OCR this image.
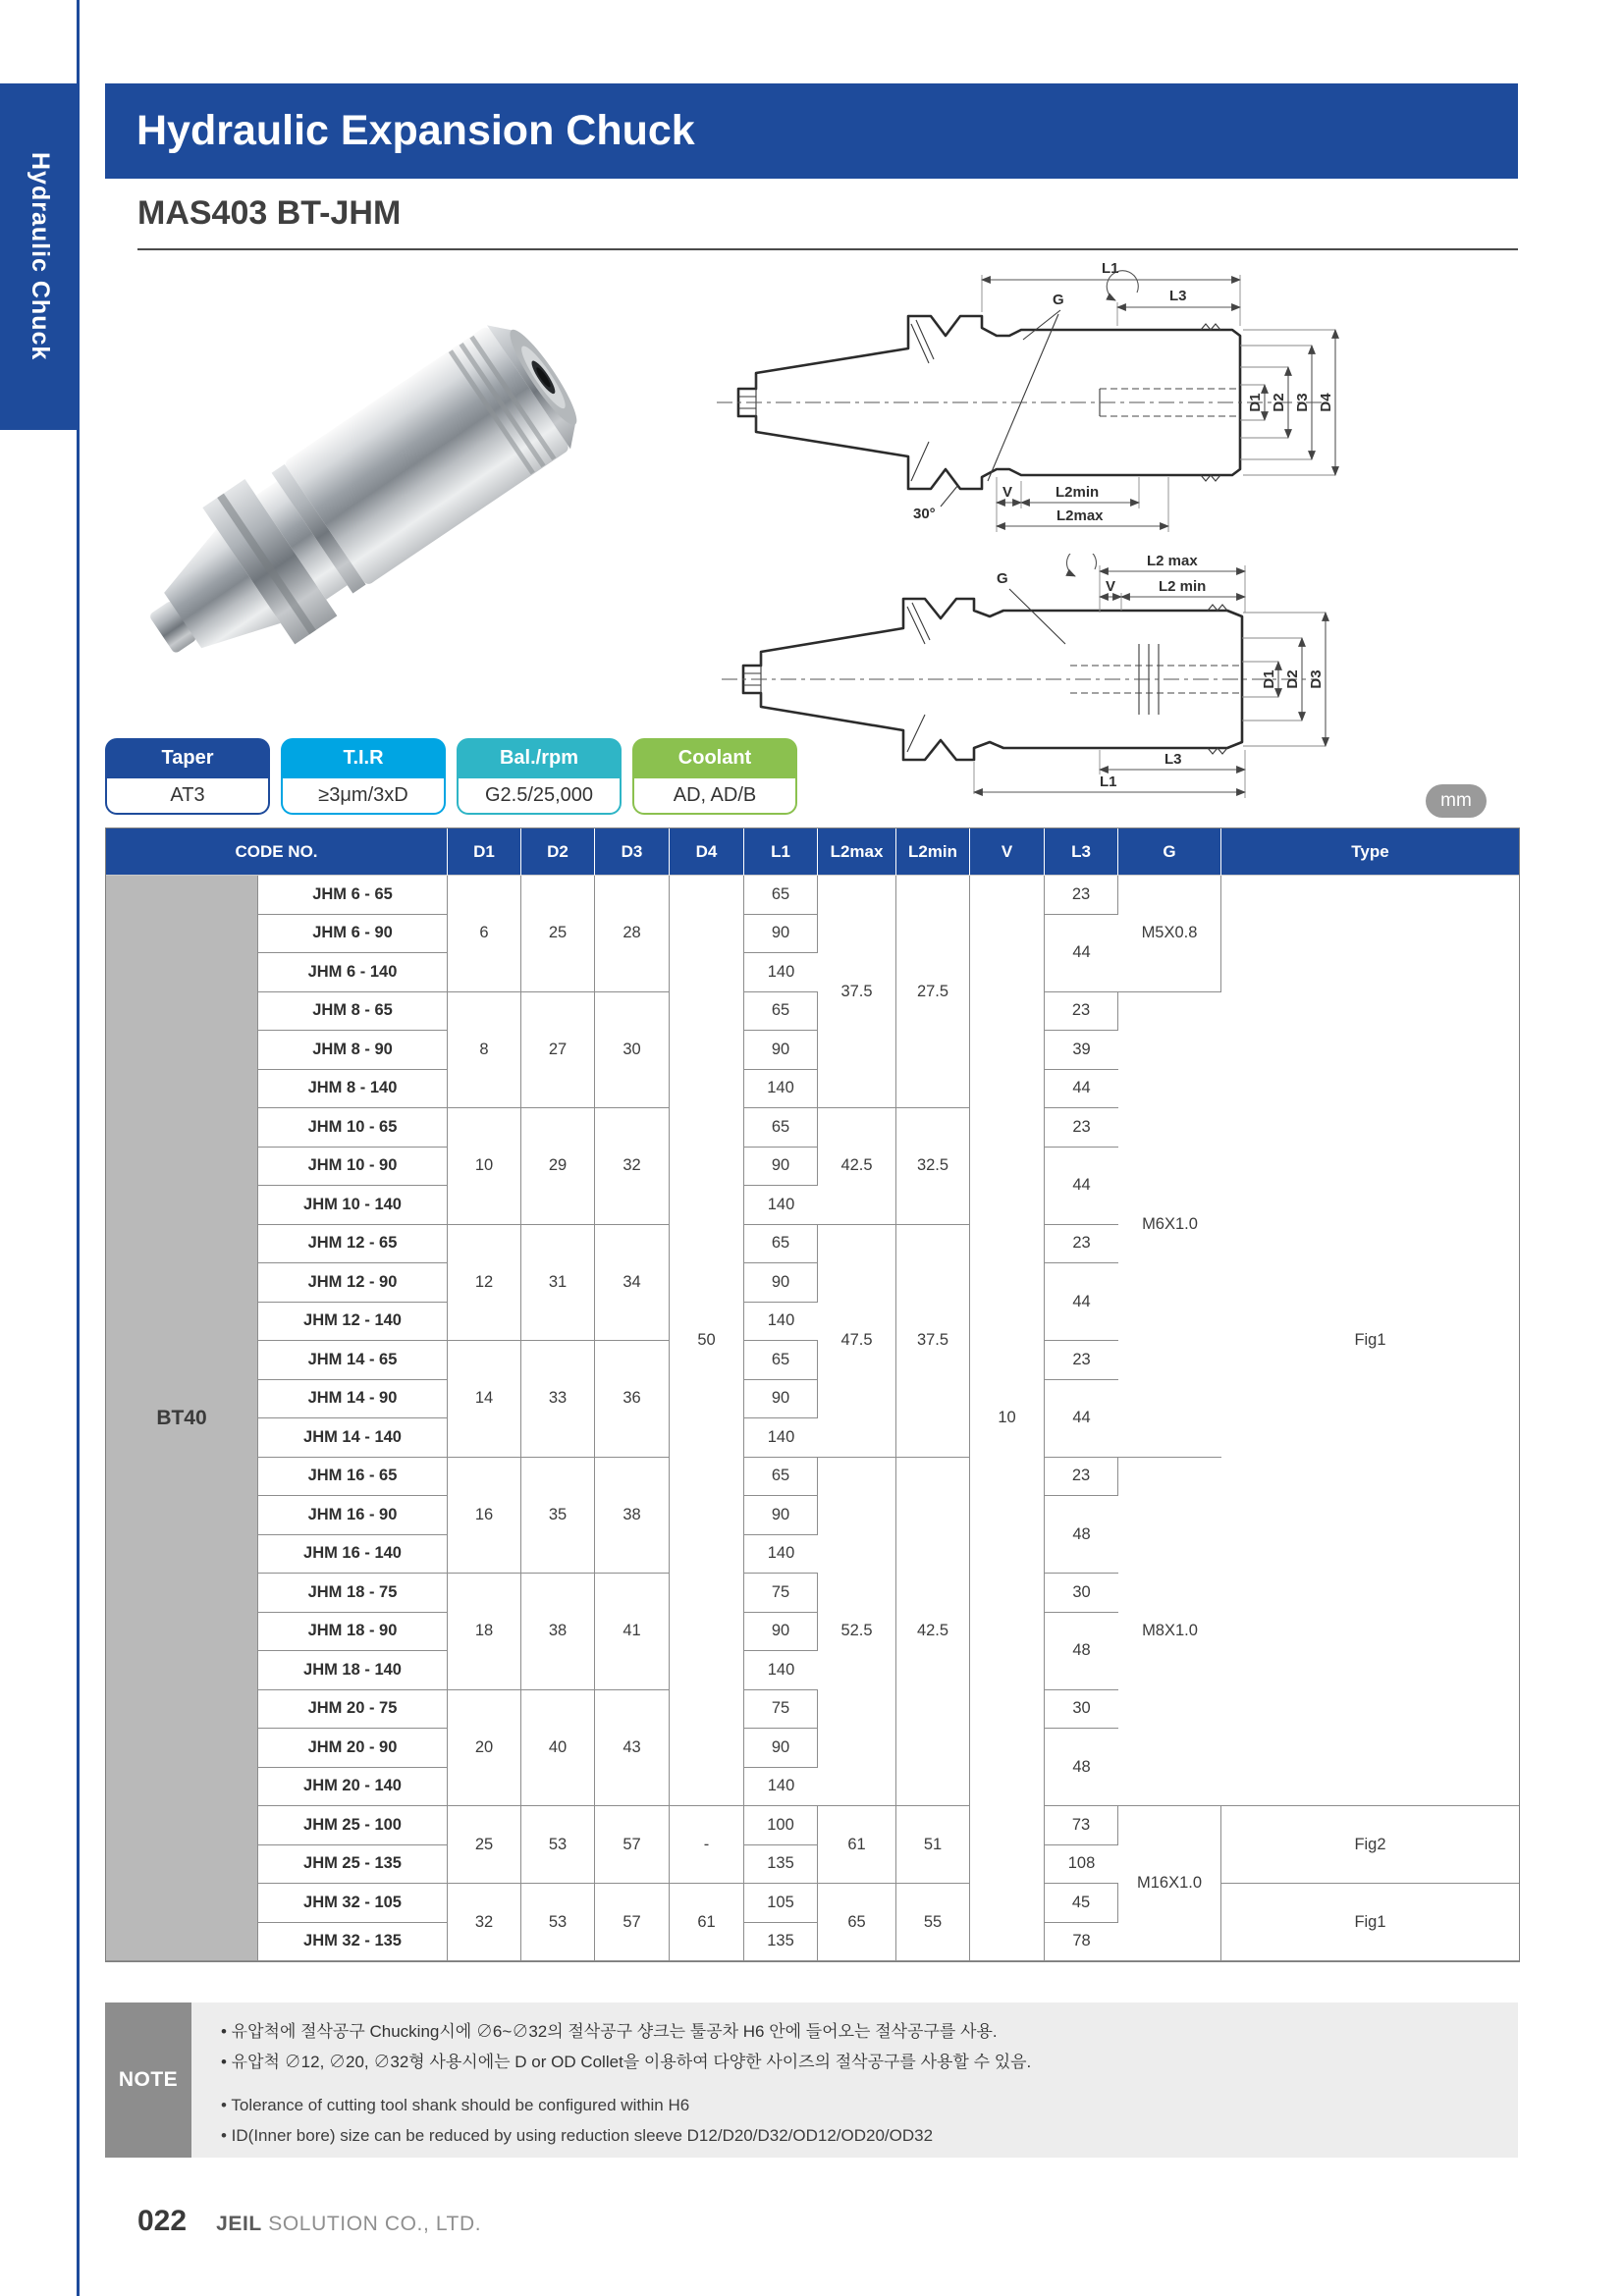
Hydraulic Chuck
Hydraulic Expansion Chuck
MAS403 BT-JHM
G
L1
L3
D1 D2 D3 D4
V	L2min
L2max
30°
G
L2 max
V	L2 min
D1 D2 D3
L3
L1
Taper
AT3
T.I.R
≥3μm/3xD
Bal./rpm
G2.5/25,000
Coolant
AD, AD/B	mm
CODE NO.		D1	D2	D3	D4	L1	L2max	L2min	V	L3	G	Type
BT40	JHM 6 - 65	6	25	28	50	65	37.5	27.5	10	23	M5X0.8	Fig1
	JHM 6 - 90					90				44		
	JHM 6 - 140					140						
	JHM 8 - 65	8	27	30		65				23	M6X1.0	
	JHM 8 - 90					90				39		
	JHM 8 - 140					140				44		
	JHM 10 - 65	10	29	32		65	42.5	32.5		23		
	JHM 10 - 90					90				44		
	JHM 10 - 140					140						
	JHM 12 - 65	12	31	34		65	47.5	37.5		23		
	JHM 12 - 90					90				44		
	JHM 12 - 140					140						
	JHM 14 - 65	14	33	36		65				23		
	JHM 14 - 90					90				44		
	JHM 14 - 140					140						
	JHM 16 - 65	16	35	38		65	52.5	42.5		23	M8X1.0	
	JHM 16 - 90					90				48		
	JHM 16 - 140					140						
	JHM 18 - 75	18	38	41		75				30		
	JHM 18 - 90					90				48		
	JHM 18 - 140					140						
	JHM 20 - 75	20	40	43		75				30		
	JHM 20 - 90					90				48		
	JHM 20 - 140					140						
	JHM 25 - 100	25	53	57	-	100	61	51		73	M16X1.0	Fig2
	JHM 25 - 135					135				108		
	JHM 32 - 105	32	53	57	61	105	65	55		45		Fig1
	JHM 32 - 135					135				78		
NOTE
• 유압척에 절삭공구 Chucking시에 ∅6~∅32의 절삭공구 샹크는 툴공차 H6 안에 들어오는 절삭공구를 사용.
• 유압척 ∅12, ∅20, ∅32형 사용시에는 D or OD Collet을 이용하여 다양한 사이즈의 절삭공구를 사용할 수 있음.
• Tolerance of cutting tool shank should be configured within H6
• ID(Inner bore) size can be reduced by using reduction sleeve D12/D20/D32/OD12/OD20/OD32
022 JEIL SOLUTION CO., LTD.
